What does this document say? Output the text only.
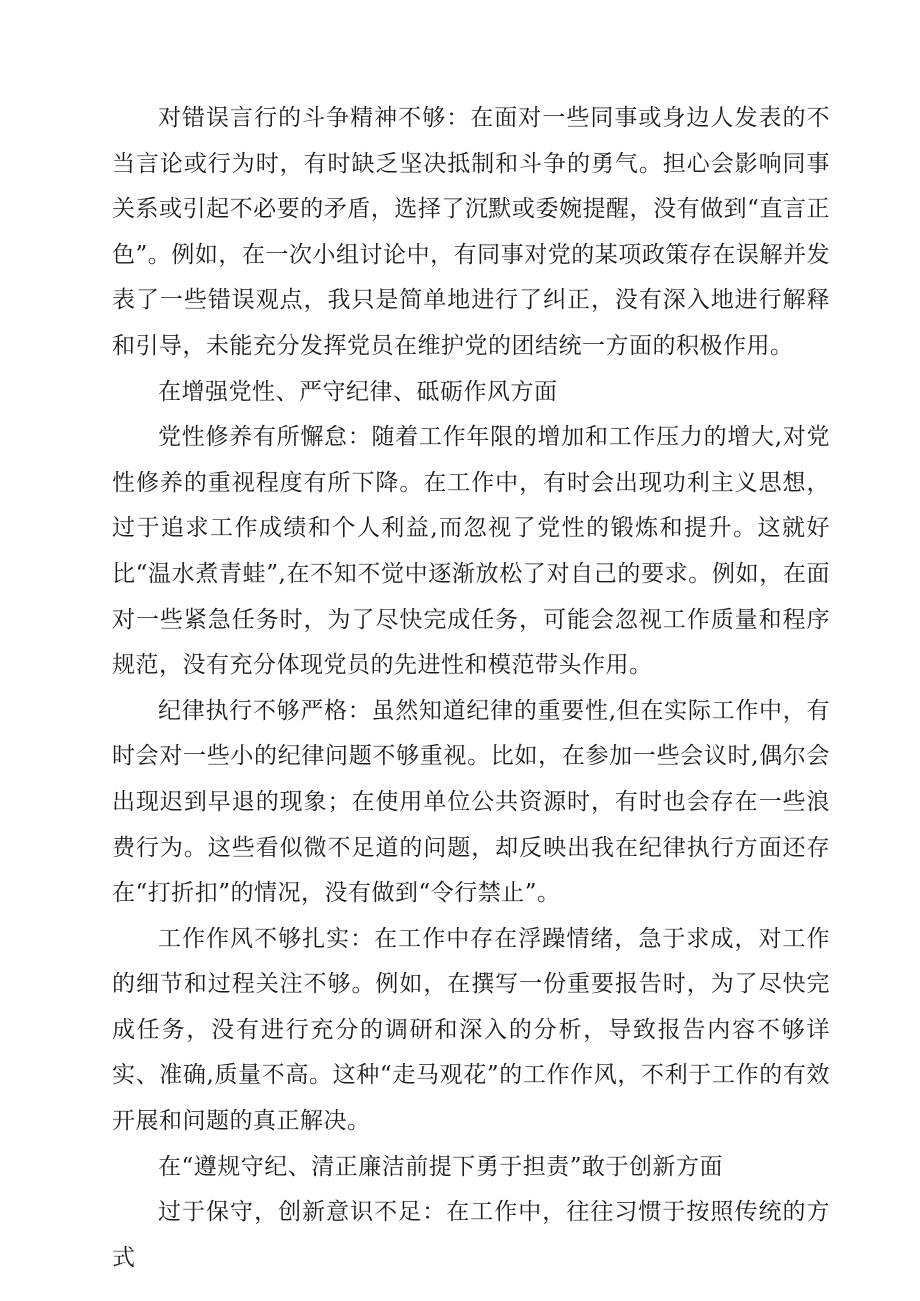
对错误言行的斗争精神不够：在面对一些同事或身边人发表的不当言论或行为时，有时缺乏坚决抵制和斗争的勇气。担心会影响同事关系或引起不必要的矛盾，选择了沉默或委婉提醒，没有做到“直言正色”。例如，在一次小组讨论中，有同事对党的某项政策存在误解并发表了一些错误观点，我只是简单地进行了纠正，没有深入地进行解释和引导，未能充分发挥党员在维护党的团结统一方面的积极作用。

在增强党性、严守纪律、砥砺作风方面

党性修养有所懈怠：随着工作年限的增加和工作压力的增大,对党性修养的重视程度有所下降。在工作中，有时会出现功利主义思想，过于追求工作成绩和个人利益,而忽视了党性的锻炼和提升。这就好比“温水煮青蛙”,在不知不觉中逐渐放松了对自己的要求。例如，在面对一些紧急任务时，为了尽快完成任务，可能会忽视工作质量和程序规范，没有充分体现党员的先进性和模范带头作用。

纪律执行不够严格：虽然知道纪律的重要性,但在实际工作中，有时会对一些小的纪律问题不够重视。比如，在参加一些会议时,偶尔会出现迟到早退的现象；在使用单位公共资源时，有时也会存在一些浪费行为。这些看似微不足道的问题，却反映出我在纪律执行方面还存在“打折扣”的情况，没有做到“令行禁止”。

工作作风不够扎实：在工作中存在浮躁情绪，急于求成，对工作的细节和过程关注不够。例如，在撰写一份重要报告时，为了尽快完成任务，没有进行充分的调研和深入的分析，导致报告内容不够详实、准确,质量不高。这种“走马观花”的工作作风，不利于工作的有效开展和问题的真正解决。

在“遵规守纪、清正廉洁前提下勇于担责”敢于创新方面

过于保守，创新意识不足：在工作中，往往习惯于按照传统的方式
